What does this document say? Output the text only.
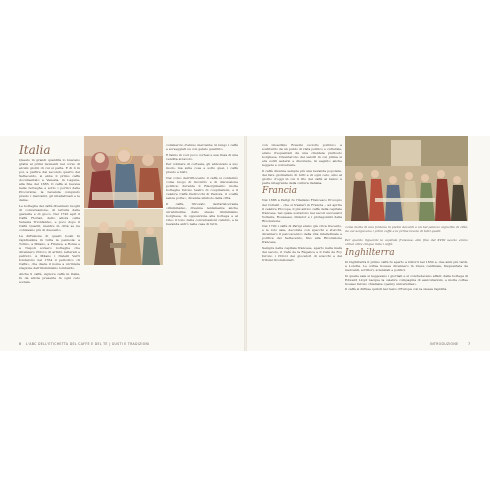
Italia

Questo in grandi quantità lo buscano gratis ai primi momenti nel corso di alcuni giorni di cui si parla. E di lì in poi, a partire dal secondo quarto del Settecento, si ebbe il primo caffè documentato a Venezia, in Laguna, alla fine del 1683. Il caffè si beveva nelle botteghe e sotto i portici delle Procuratie; la bevanda conquistò presto i mercanti, gli intellettuali e le dame.

Le botteghe del caffè divennero luoghi di conversazione, di lettura delle gazzette e di gioco. Nel 1720 aprì il Caffè Florian, detto allora «Alla Venezia Trionfante», e poco dopo il Caffè Quadri, mentre in città se ne contavano più di duecento.

La diffusione di questi locali fu rapidissima in tutta la penisola: a Torino, a Milano, a Firenze, a Roma e a Napoli sorsero botteghe che divennero ritrovo di artisti, letterati e patrioti. A Milano i fratelli Verri fondarono nel 1764 il periodico «Il Caffè», che diede il nome a un'intera stagione dell'illuminismo lombardo.

Anche il caffè, signore caffè in Italia, fu da allora presente in ogni ceto sociale.

commercio d'ebreo mercante; in lungo i caffè e sorseggiati su con gelato guarnito.

E fanno in voci poco cortesi e sua rissa di una vendita al lavoro.

Per colmare di cortesia, gli abbozzato a suo modo, ma sulle cose e sotto quei, i caffè presto e bisti.

Nel corso dell'Ottocento il caffè si confermò come luogo di incontro e di discussione politica: durante il Risorgimento molte botteghe furono teatro di cospirazioni, e il celebre Caffè Pedrocchi di Padova, il «caffè senza porte», divenne simbolo della città.

Il caffè, ritrovato dell'aristocrazia «illuminata», divenne lentamente anche un'abitudine dello stesso illuminismo borghese, in opposizione alla bottega e al vino; il tono delle conversazioni cambiò, e la bevanda entrò nelle case di tutti.

6 L'ABC DELL'ETICHETTA DEL CAFFÈ E DEL TÈ | GUSTI E TRADIZIONI

con Gioachino Rossini «sciolto politico» a sostituirlo da un punto di vista politico e culturale, erano frequentati da una clientela piuttosto borghese. Diventarono dei salotti in cui prima si era soliti sedersi e discutere, in seguito anche leggere e conversare.

Il caffè divenne sempre più una bevanda popolare, del fare giornaliero di tutti e di ogni ceto, sino al giorno d'oggi in cui il rito del caffè al banco è parte integrante della cultura italiana.

Francia

Nel 1686 a Parigi fu l'italiano Francesco Procopio dei Coltelli – che si trasferì in Francia – ad aprire il celebre Procope, il più antico caffè della capitale francese, nel quale sostarono nei secoli successivi Voltaire, Rousseau, Diderot e i protagonisti della Rivoluzione.

Nel 1720 i caffè di Parigi erano già circa trecento, e le loro sale, decorate con specchi e stucchi, divennero il palcoscenico della vita intellettuale e politica del Settecento, fino alla Rivoluzione francese.

Sempre nella capitale francese, aperto nella metà del secolo, il Café de la Régence e il Café de Foy furono i ritrovi dei giocatori di scacchi e dei tribuni rivoluzionari.

come molte di una fontana in pietra davanti a un bel palazzo signorile di città, da cui sorgevano i primi caffè e le prime tavole di tutti quelli.
Per quanto riguarda la capitale francese, alla fine del XVIII secolo erano ormai oltre cinque mila i caffè.
Inghilterra

In Inghilterra il primo caffè fu aperto a Oxford nel 1650 e, due anni più tardi, a Londra. Le coffee houses divennero in breve centinaia, frequentate da mercanti, scrittori, scienziati e politici.

In quelle sale si leggevano i giornali e si concludevano affari: dalla bottega di Edward Lloyd nacque la celebre compagnia di assicurazioni, e molte coffee houses furono chiamate «penny universities».

Il caffè si diffuse quindi nel resto d'Europa con la stessa rapidità.

INTRODUZIONE	7
